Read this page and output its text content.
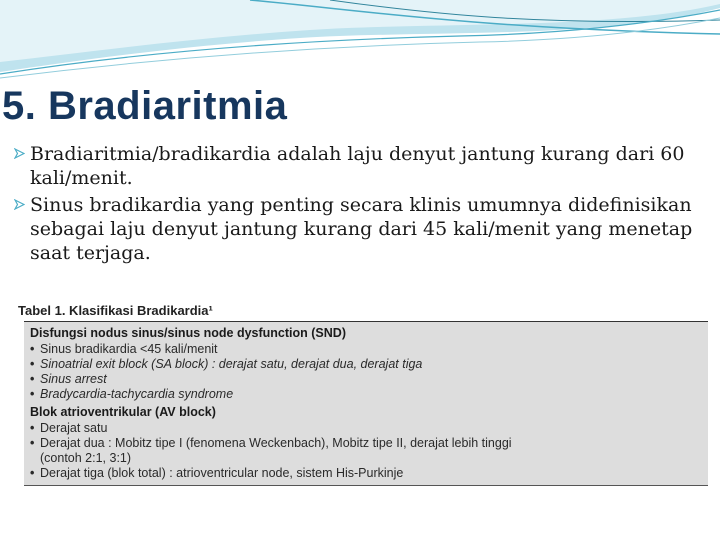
5. Bradiaritmia
Bradiaritmia/bradikardia adalah laju denyut jantung kurang dari 60 kali/menit.
Sinus bradikardia yang penting secara klinis umumnya didefinisikan sebagai laju denyut jantung kurang dari 45 kali/menit yang menetap saat terjaga.
Tabel 1. Klasifikasi Bradikardia¹
Disfungsi nodus sinus/sinus node dysfunction (SND)
• Sinus bradikardia <45 kali/menit
• Sinoatrial exit block (SA block) : derajat satu, derajat dua, derajat tiga
• Sinus arrest
• Bradycardia-tachycardia syndrome
Blok atrioventrikular (AV block)
• Derajat satu
• Derajat dua : Mobitz tipe I (fenomena Weckenbach), Mobitz tipe II, derajat lebih tinggi
(contoh 2:1, 3:1)
• Derajat tiga (blok total) : atrioventricular node, sistem His-Purkinje
